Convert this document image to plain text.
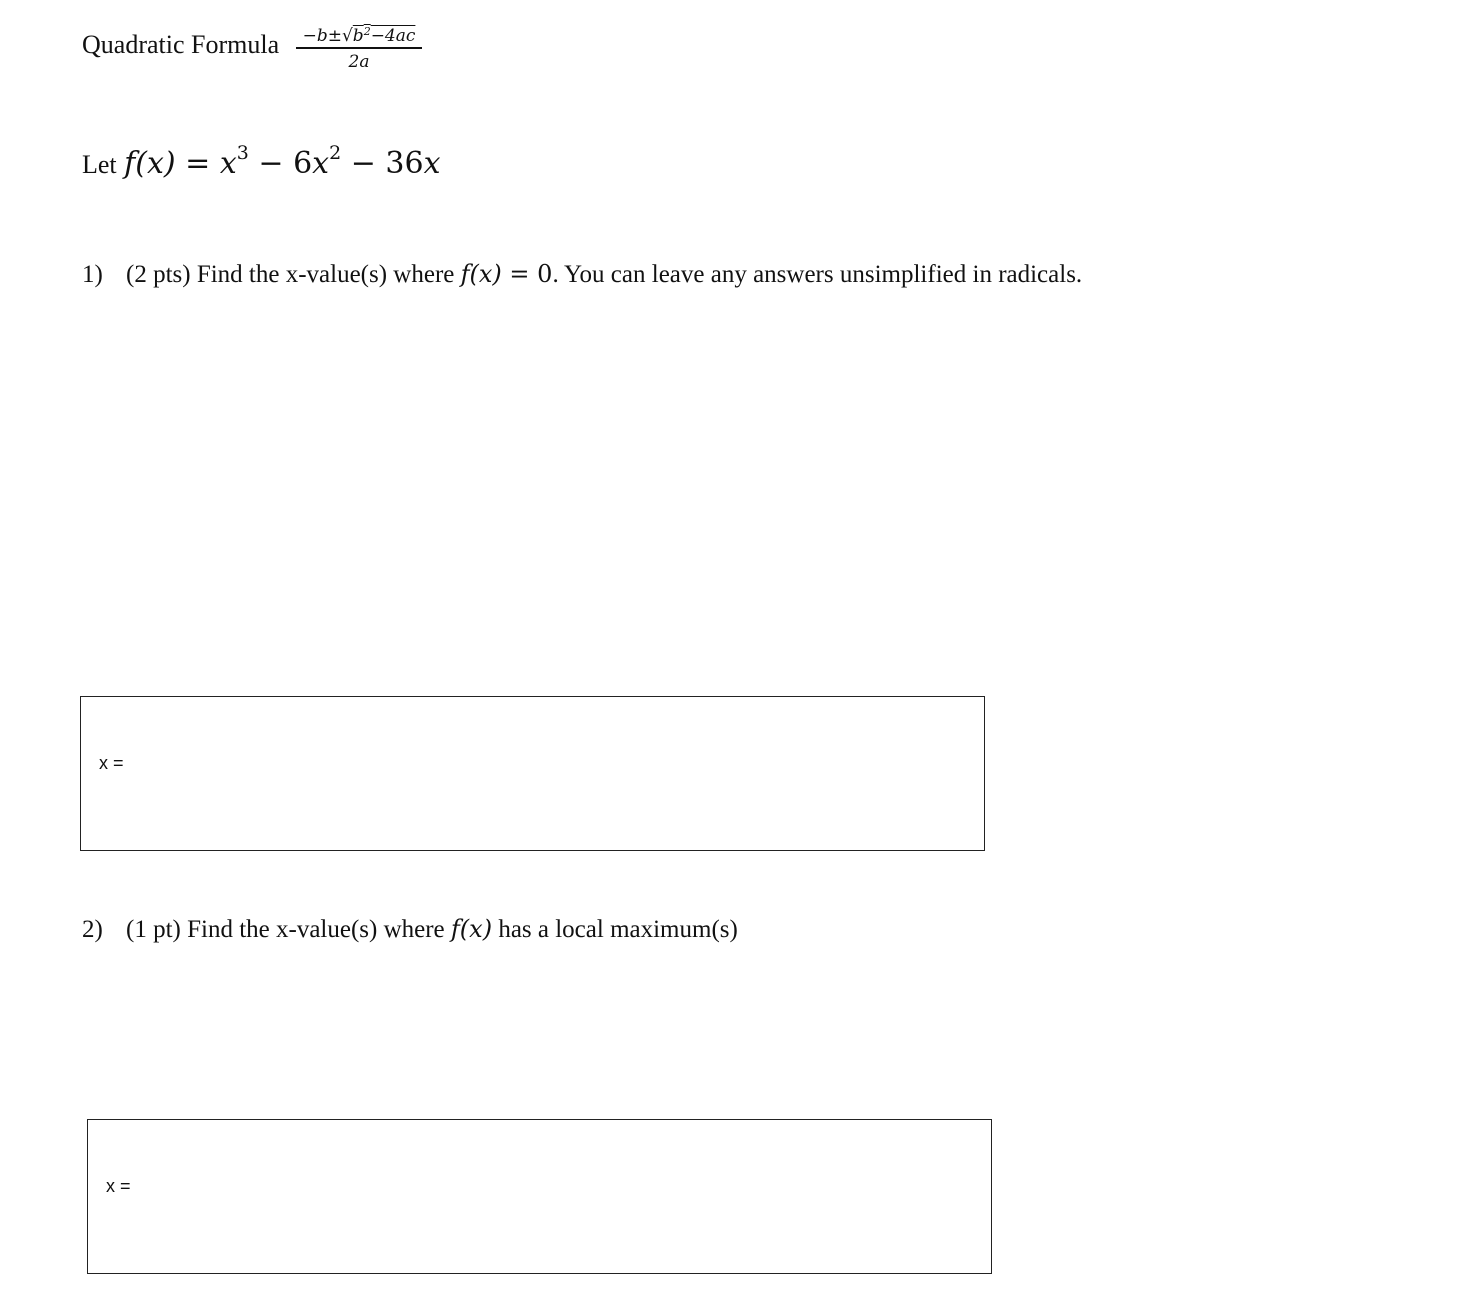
Quadratic Formula	$-b\pm√b^2-4ac$
2a
Let $f(x) = x^3 - 6x^2 - 36x$
1) (2 pts) Find the x-value(s) where f(x) = 0. You can leave any answers unsimplified in radicals.
x =
2) (1 pt) Find the x-value(s) where f(x) has a local maximum(s)
x =
